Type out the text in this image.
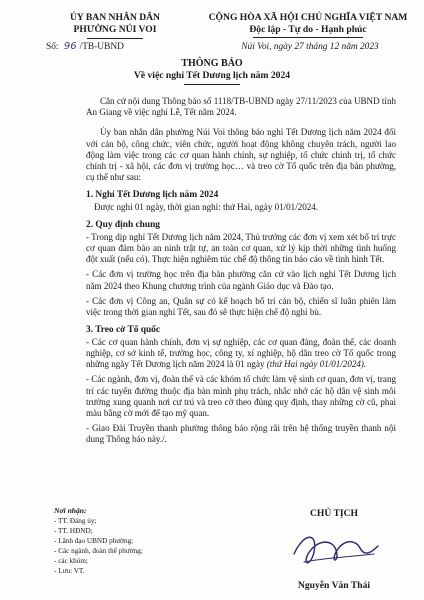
ỦY BAN NHÂN DÂN
PHƯỜNG NÚI VOI
CỘNG HÒA XÃ HỘI CHỦ NGHĨA VIỆT NAM
Độc lập - Tự do - Hạnh phúc
Số: 96 /TB-UBND	Núi Voi, ngày 27 tháng 12 năm 2023
THÔNG BÁO
Về việc nghỉ Tết Dương lịch năm 2024

Căn cứ nội dung Thông báo số 1118/TB-UBND ngày 27/11/2023 của UBND tỉnh An Giang về việc nghỉ Lễ, Tết năm 2024.

Ủy ban nhân dân phường Núi Voi thông báo nghỉ Tết Dương lịch năm 2024 đối với cán bộ, công chức, viên chức, người hoạt động không chuyên trách, người lao động làm việc trong các cơ quan hành chính, sự nghiệp, tổ chức chính trị, tổ chức chính trị - xã hội, các đơn vị trường học… và treo cờ Tổ quốc trên địa bàn phường, cụ thể như sau:

1. Nghỉ Tết Dương lịch năm 2024

Được nghỉ 01 ngày, thời gian nghỉ: thứ Hai, ngày 01/01/2024.

2. Quy định chung

- Trong dịp nghỉ Tết Dương lịch năm 2024, Thủ trưởng các đơn vị xem xét bố trí trực cơ quan đảm bảo an ninh trật tự, an toàn cơ quan, xử lý kịp thời những tình huống đột xuất (nếu có). Thực hiện nghiêm túc chế độ thông tin báo cáo về tình hình Tết.

- Các đơn vị trường học trên địa bàn phường căn cứ vào lịch nghỉ Tết Dương lịch năm 2024 theo Khung chương trình của ngành Giáo dục và Đào tạo.

- Các đơn vị Công an, Quân sự có kế hoạch bố trí cán bộ, chiến sĩ luân phiên làm việc trong thời gian nghỉ Tết, sau đó sẽ thực hiện chế độ nghỉ bù.

3. Treo cờ Tổ quốc

- Các cơ quan hành chính, đơn vị sự nghiệp, các cơ quan đảng, đoàn thể, các doanh nghiệp, cơ sở kinh tế, trường học, công ty, xí nghiệp, hộ dân treo cờ Tổ quốc trong những ngày Tết Dương lịch năm 2024 là 01 ngày (thứ Hai ngày 01/01/2024).

- Các ngành, đơn vị, đoàn thể và các khóm tổ chức làm vệ sinh cơ quan, đơn vị, trang trí các tuyến đường thuộc địa bàn mình phụ trách, nhắc nhở các hộ dân vệ sinh môi trường xung quanh nơi cư trú và treo cờ theo đúng quy định, thay những cờ cũ, phai màu bằng cờ mới để tạo mỹ quan.

- Giao Đài Truyền thanh phường thông báo rộng rãi trên hệ thống truyền thanh nội dung Thông báo này./.

Nơi nhận:
- TT. Đảng ủy;
- TT. HĐND;
- Lãnh đạo UBND phường;
- Các ngành, đoàn thể phường;
- các khóm;
- Lưu: VT.
CHỦ TỊCH
Nguyễn Văn Thái
